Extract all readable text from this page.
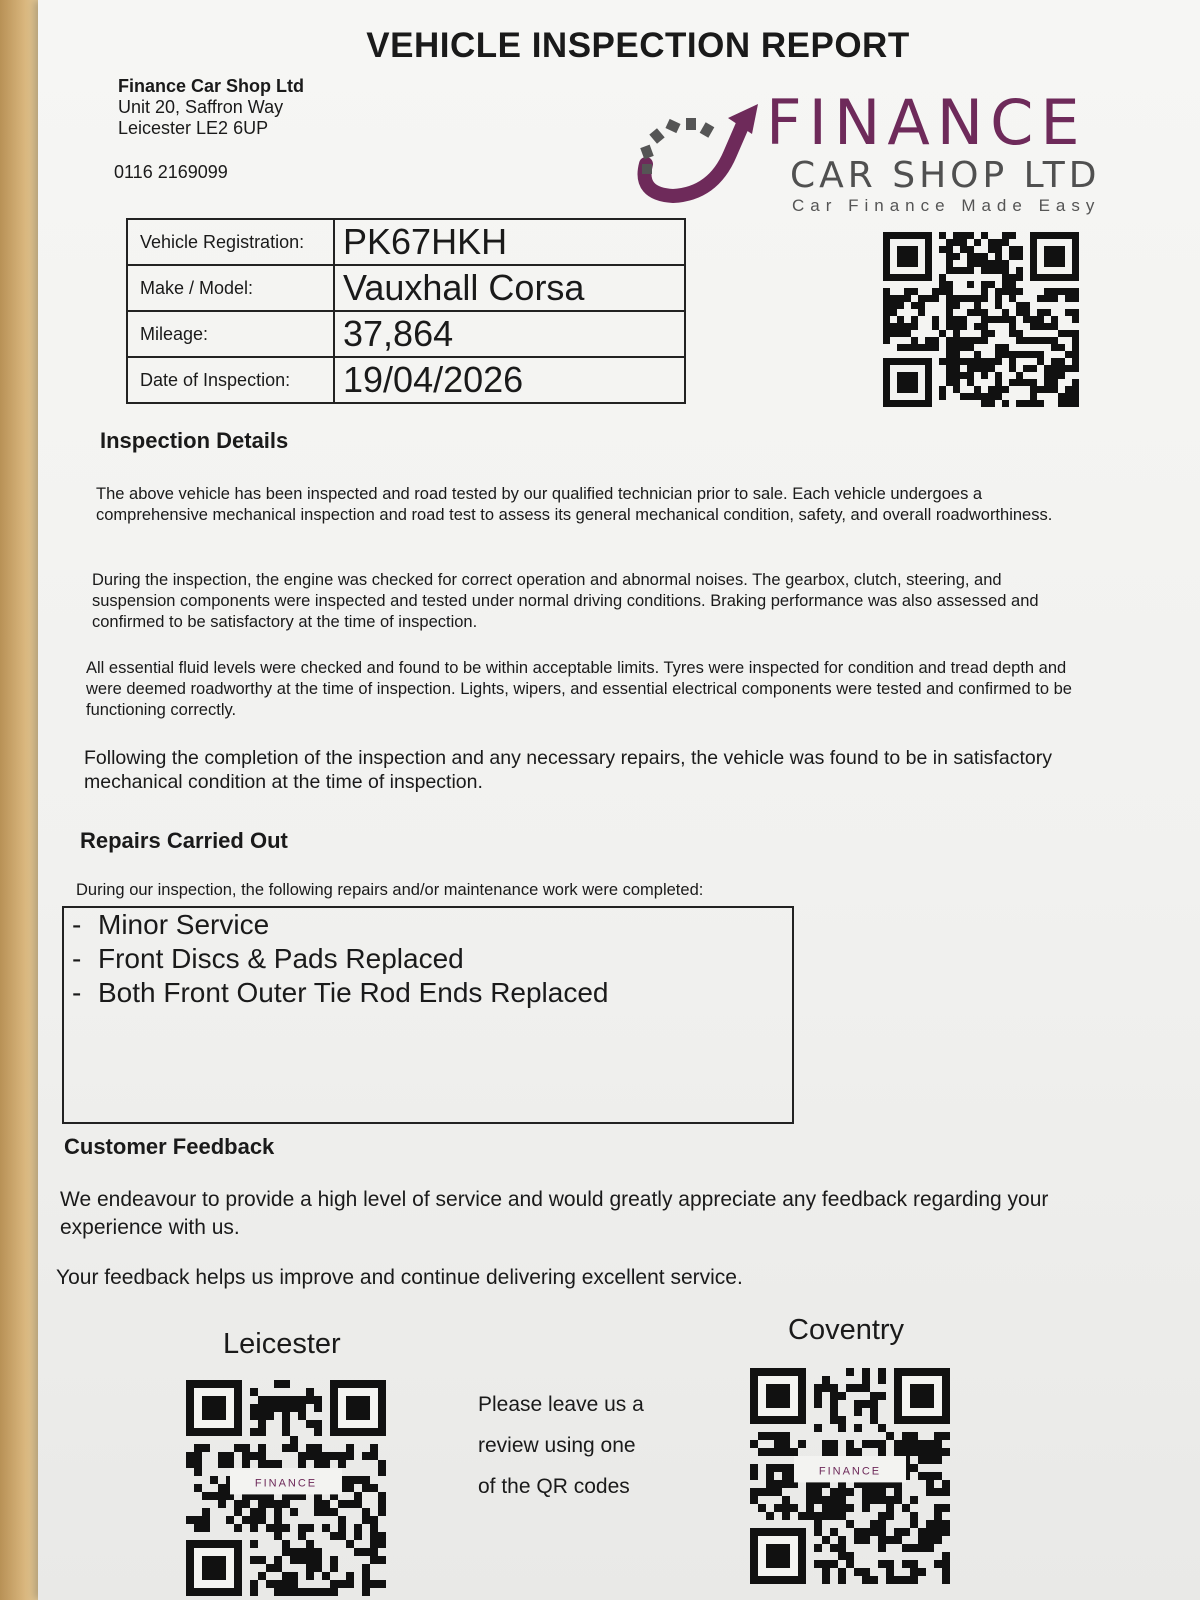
VEHICLE INSPECTION REPORT
Finance Car Shop Ltd
Unit 20, Saffron Way
Leicester LE2 6UP
0116 2169099
FINANCE
CAR SHOP LTD
Car Finance Made Easy
Vehicle Registration:	PK67HKH
Make / Model:	Vauxhall Corsa
Mileage:	37,864
Date of Inspection:	19/04/2026
Inspection Details
The above vehicle has been inspected and road tested by our qualified technician prior to sale. Each vehicle undergoes a comprehensive mechanical inspection and road test to assess its general mechanical condition, safety, and overall roadworthiness.
During the inspection, the engine was checked for correct operation and abnormal noises. The gearbox, clutch, steering, and suspension components were inspected and tested under normal driving conditions. Braking performance was also assessed and confirmed to be satisfactory at the time of inspection.
All essential fluid levels were checked and found to be within acceptable limits. Tyres were inspected for condition and tread depth and were deemed roadworthy at the time of inspection. Lights, wipers, and essential electrical components were tested and confirmed to be functioning correctly.
Following the completion of the inspection and any necessary repairs, the vehicle was found to be in satisfactory mechanical condition at the time of inspection.
Repairs Carried Out
During our inspection, the following repairs and/or maintenance work were completed:
- Minor Service
- Front Discs & Pads Replaced
- Both Front Outer Tie Rod Ends Replaced
Customer Feedback
We endeavour to provide a high level of service and would greatly appreciate any feedback regarding your experience with us.
Your feedback helps us improve and continue delivering excellent service.
Leicester	Coventry
FINANCE
FINANCE
Please leave us a
review using one
of the QR codes
